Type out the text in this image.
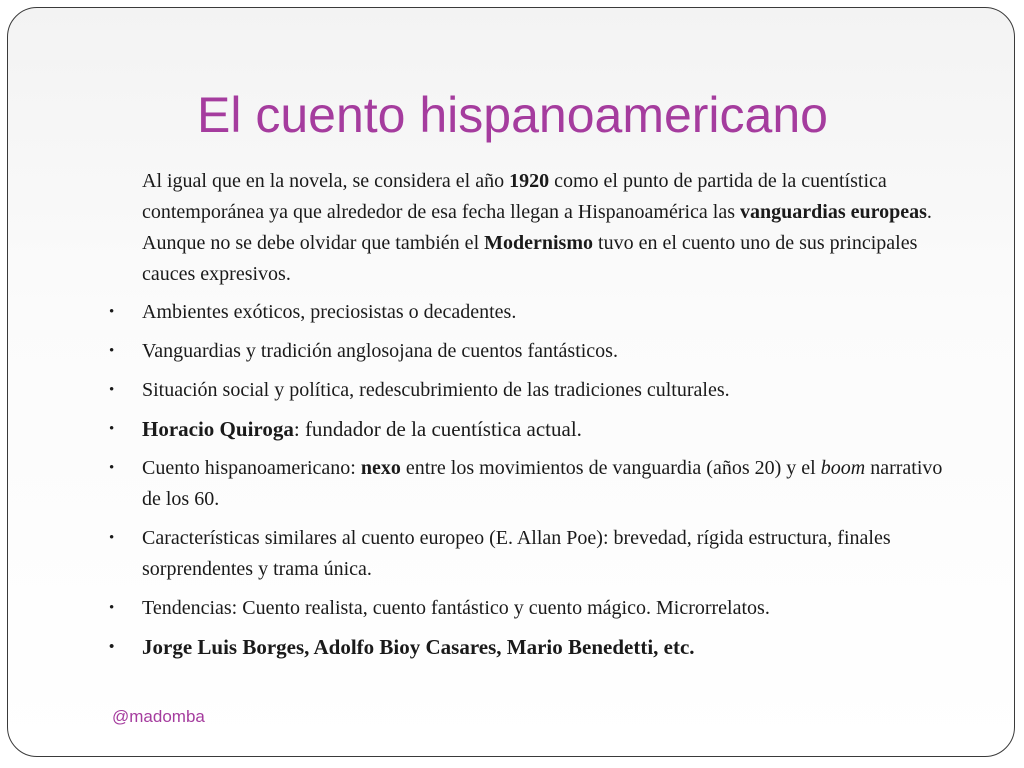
El cuento hispanoamericano

Al igual que en la novela, se considera el año 1920 como el punto de partida de la cuentística contemporánea ya que alrededor de esa fecha llegan a Hispanoamérica las vanguardias europeas. Aunque no se debe olvidar que también el Modernismo tuvo en el cuento uno de sus principales cauces expresivos.

• Ambientes exóticos, preciosistas o decadentes.
• Vanguardias y tradición anglosojana de cuentos fantásticos.
• Situación social y política, redescubrimiento de las tradiciones culturales.
• Horacio Quiroga: fundador de la cuentística actual.
• Cuento hispanoamericano: nexo entre los movimientos de vanguardia (años 20) y el boom narrativo de los 60.
• Características similares al cuento europeo (E. Allan Poe): brevedad, rígida estructura, finales sorprendentes y trama única.
• Tendencias: Cuento realista, cuento fantástico y cuento mágico. Microrrelatos.
• Jorge Luis Borges, Adolfo Bioy Casares, Mario Benedetti, etc.
@madomba
